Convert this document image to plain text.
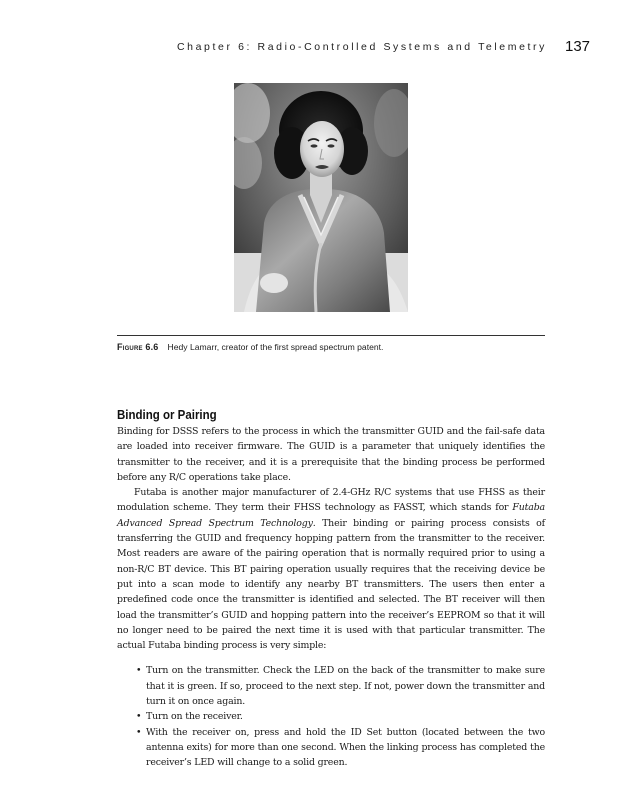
Chapter 6: Radio-Controlled Systems and Telemetry 137
Figure 6.6 Hedy Lamarr, creator of the first spread spectrum patent.
Binding or Pairing

Binding for DSSS refers to the process in which the transmitter GUID and the fail-safe data are loaded into receiver firmware. The GUID is a parameter that uniquely identifies the transmitter to the receiver, and it is a prerequisite that the binding process be performed before any R/C operations take place.

Futaba is another major manufacturer of 2.4-GHz R/C systems that use FHSS as their modulation scheme. They term their FHSS technology as FASST, which stands for Futaba Advanced Spread Spectrum Technology. Their binding or pairing process consists of transferring the GUID and frequency hopping pattern from the transmitter to the receiver. Most readers are aware of the pairing operation that is normally required prior to using a non-R/C BT device. This BT pairing operation usually requires that the receiving device be put into a scan mode to identify any nearby BT transmitters. The users then enter a predefined code once the transmitter is identified and selected. The BT receiver will then load the transmitter’s GUID and hopping pattern into the receiver’s EEPROM so that it will no longer need to be paired the next time it is used with that particular transmitter. The actual Futaba binding process is very simple:

• Turn on the transmitter. Check the LED on the back of the transmitter to make sure that it is green. If so, proceed to the next step. If not, power down the transmitter and turn it on once again.
• Turn on the receiver.
• With the receiver on, press and hold the ID Set button (located between the two antenna exits) for more than one second. When the linking process has completed the receiver’s LED will change to a solid green.
